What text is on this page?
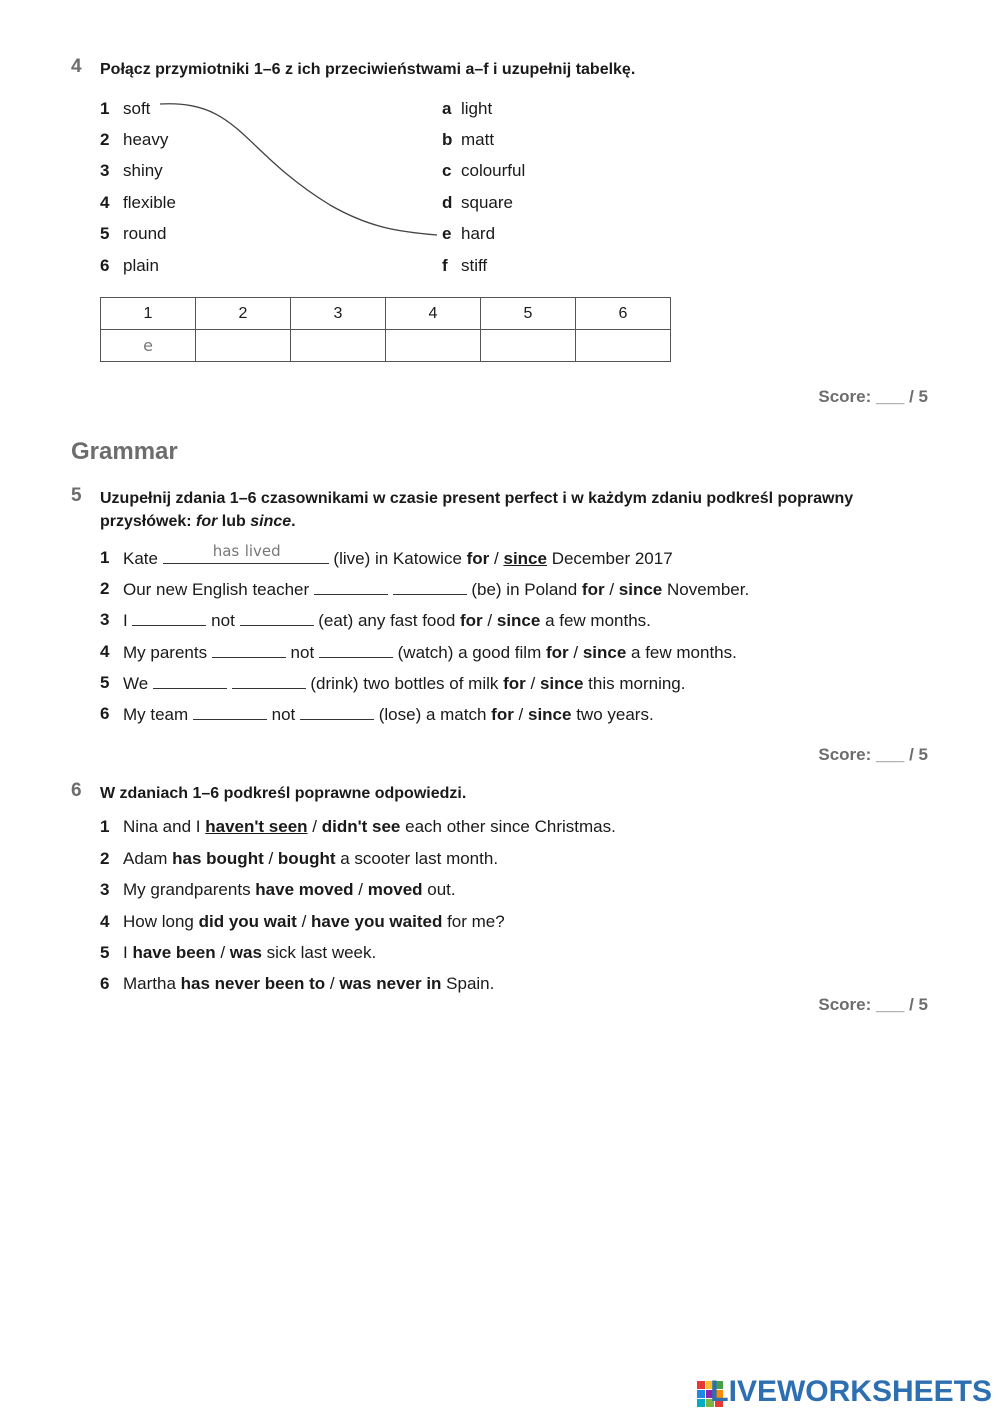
4 Połącz przymiotniki 1–6 z ich przeciwieństwami a–f i uzupełnij tabelkę.
1 soft
2 heavy
3 shiny
4 flexible
5 round
6 plain
a light
b matt
c colourful
d square
e hard
f stiff
1	2	3	4	5	6
e					
Score: ___ / 5
Grammar
5 Uzupełnij zdania 1–6 czasownikami w czasie present perfect i w każdym zdaniu podkreśl poprawny
przysłówek: for lub since.
1 Kate	has lived	(live) in Katowice for / since December 2017
2 Our new English teacher	(be) in Poland for / since November.
3 I	not	(eat) any fast food for / since a few months.
4 My parents	not	(watch) a good film for / since a few months.
5 We	(drink) two bottles of milk for / since this morning.
6 My team	not	(lose) a match for / since two years.
Score: ___ / 5
6 W zdaniach 1–6 podkreśl poprawne odpowiedzi.
1 Nina and I haven't seen / didn't see each other since Christmas.
2 Adam has bought / bought a scooter last month.
3 My grandparents have moved / moved out.
4 How long did you wait / have you waited for me?
5 I have been / was sick last week.
6 Martha has never been to / was never in Spain.
Score: ___ / 5
LIVEWORKSHEETS
